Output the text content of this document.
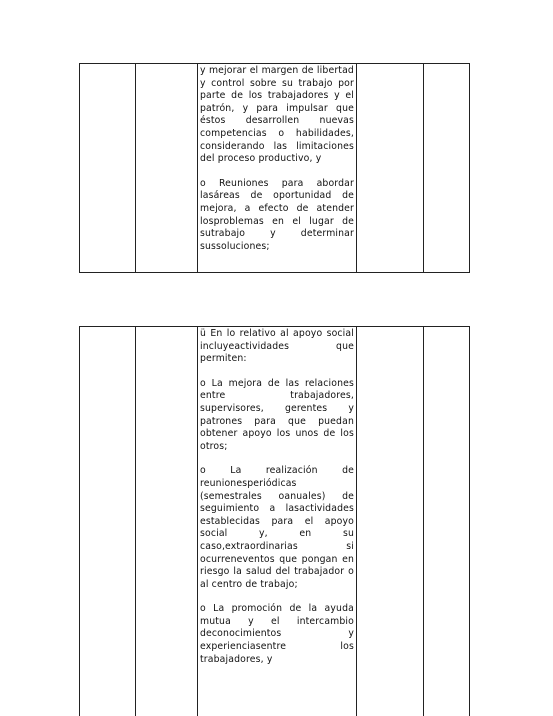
y mejorar el margen de libertad y control sobre su trabajo por parte de los trabajadores y el patrón, y para impulsar que éstos desarrollen nuevas competencias o habilidades, considerando las limitaciones del proceso productivo, y

o Reuniones para abordar lasáreas de oportunidad de mejora, a efecto de atender losproblemas en el lugar de sutrabajo y determinar sussoluciones;

ü En lo relativo al apoyo social incluyeactividades que permiten:

o La mejora de las relaciones entre trabajadores, supervisores, gerentes y patrones para que puedan obtener apoyo los unos de los otros;

o La realización de reunionesperiódicas (semestrales oanuales) de seguimiento a lasactividades establecidas para el apoyo social y, en su caso,extraordinarias si ocurreneventos que pongan en riesgo la salud del trabajador o al centro de trabajo;

o La promoción de la ayuda mutua y el intercambio deconocimientos y experienciasentre los trabajadores, y
